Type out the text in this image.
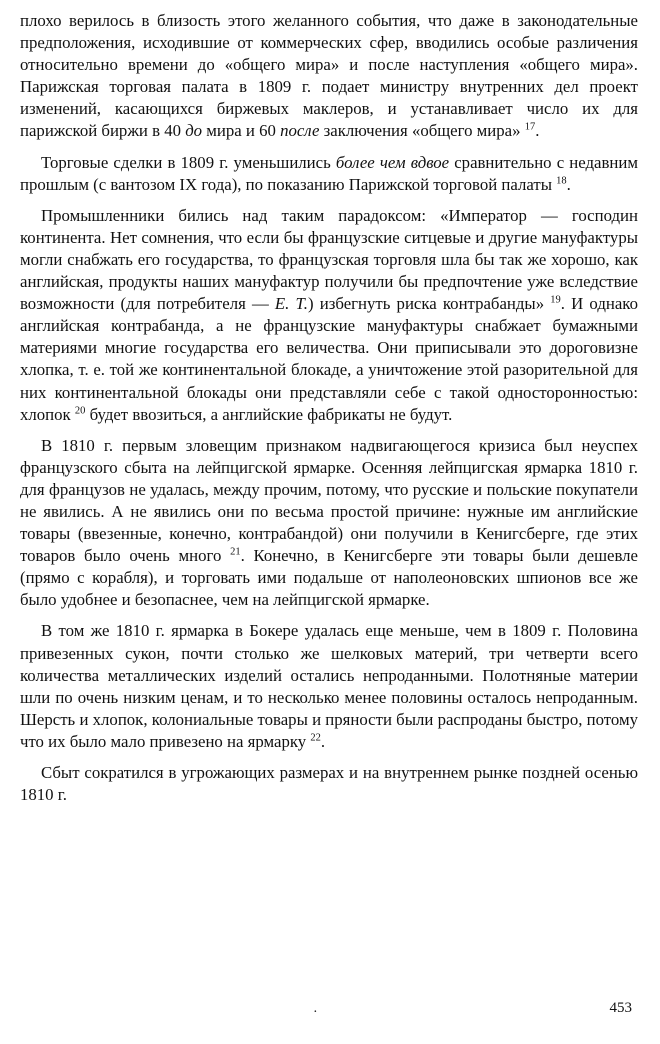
плохо верилось в близость этого желанного события, что даже в законодательные предположения, исходившие от коммерческих сфер, вводились особые различения относительно времени до «общего мира» и после наступления «общего мира». Парижская торговая палата в 1809 г. подает министру внутренних дел проект изменений, касающихся биржевых маклеров, и устанавливает число их для парижской биржи в 40 до мира и 60 после заключения «общего мира» $^{17}$.

Торговые сделки в 1809 г. уменьшились более чем вдвое сравнительно с недавним прошлым (с вантозом IX года), по показанию Парижской торговой палаты $^{18}$.

Промышленники бились над таким парадоксом: «Император — господин континента. Нет сомнения, что если бы французские ситцевые и другие мануфактуры могли снабжать его государства, то французская торговля шла бы так же хорошо, как английская, продукты наших мануфактур получили бы предпочтение уже вследствие возможности (для потребителя — Е. Т.) избегнуть риска контрабанды» $^{19}$. И однако английская контрабанда, а не французские мануфактуры снабжает бумажными материями многие государства его величества. Они приписывали это дороговизне хлопка, т. е. той же континентальной блокаде, а уничтожение этой разорительной для них континентальной блокады они представляли себе с такой односторонностью: хлопок $^{20}$ будет ввозиться, а английские фабрикаты не будут.

В 1810 г. первым зловещим признаком надвигающегося кризиса был неуспех французского сбыта на лейпцигской ярмарке. Осенняя лейпцигская ярмарка 1810 г. для французов не удалась, между прочим, потому, что русские и польские покупатели не явились. А не явились они по весьма простой причине: нужные им английские товары (ввезенные, конечно, контрабандой) они получили в Кенигсберге, где этих товаров было очень много $^{21}$. Конечно, в Кенигсберге эти товары были дешевле (прямо с корабля), и торговать ими подальше от наполеоновских шпионов все же было удобнее и безопаснее, чем на лейпцигской ярмарке.

В том же 1810 г. ярмарка в Бокере удалась еще меньше, чем в 1809 г. Половина привезенных сукон, почти столько же шелковых материй, три четверти всего количества металлических изделий остались непроданными. Полотняные материи шли по очень низким ценам, и то несколько менее половины осталось непроданным. Шерсть и хлопок, колониальные товары и пряности были распроданы быстро, потому что их было мало привезено на ярмарку $^{22}$.

Сбыт сократился в угрожающих размерах и на внутреннем рынке поздней осенью 1810 г.

·	453
